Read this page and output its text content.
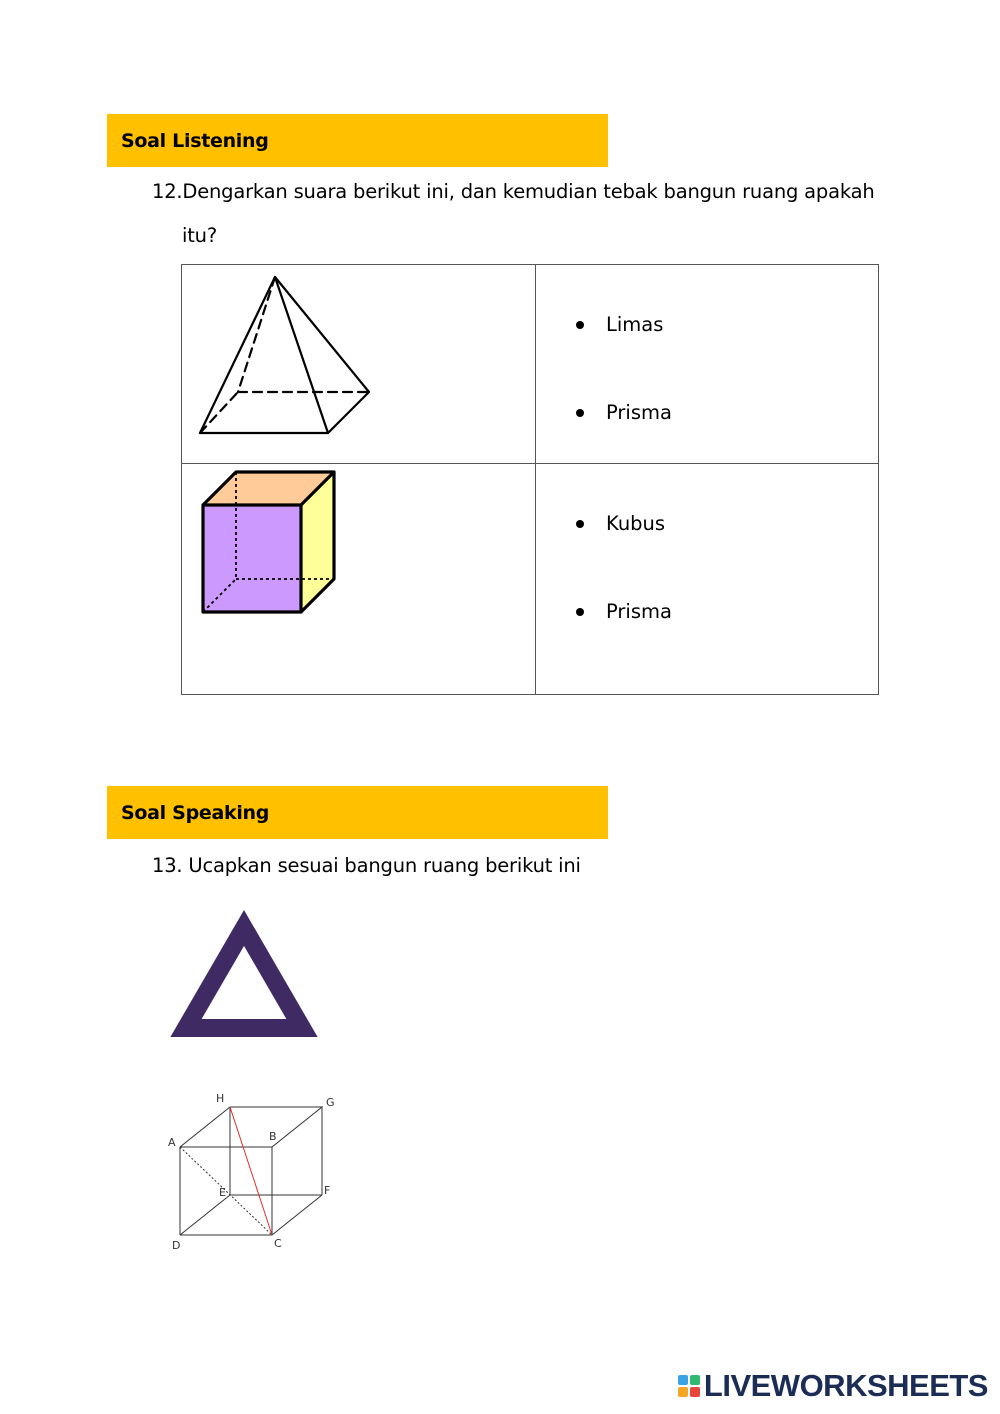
Soal Listening
12.Dengarkan suara berikut ini, dan kemudian tebak bangun ruang apakah
itu?

Limas
Prisma

Kubus
Prisma
Soal Speaking
13. Ucapkan sesuai bangun ruang berikut ini
H	G
A	B
E	F
D	C
LIVEWORKSHEETS
